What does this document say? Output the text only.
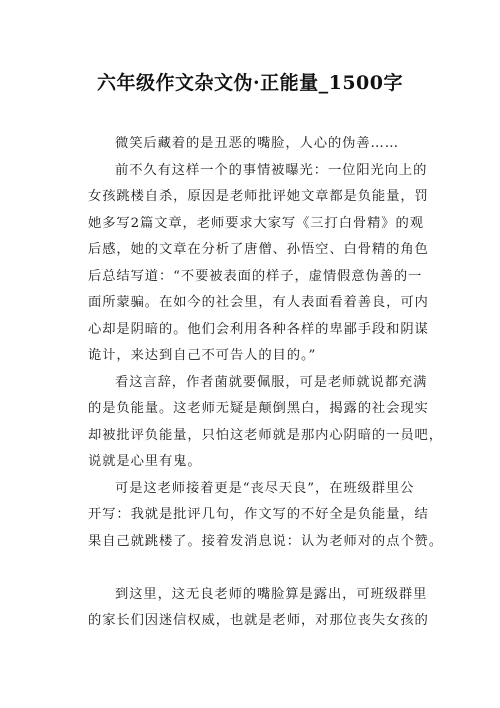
六年级作文杂文伪·正能量_1500字
微笑后藏着的是丑恶的嘴脸，人心的伪善……
前不久有这样一个的事情被曝光：一位阳光向上的
女孩跳楼自杀，原因是老师批评她文章都是负能量，罚
她多写2篇文章，老师要求大家写《三打白骨精》的观
后感，她的文章在分析了唐僧、孙悟空、白骨精的角色
后总结写道：“不要被表面的样子，虚情假意伪善的一
面所蒙骗。在如今的社会里，有人表面看着善良，可内
心却是阴暗的。他们会利用各种各样的卑鄙手段和阴谋
诡计，来达到自己不可告人的目的。”
看这言辞，作者菌就要佩服，可是老师就说都充满
的是负能量。这老师无疑是颠倒黑白，揭露的社会现实
却被批评负能量，只怕这老师就是那内心阴暗的一员吧，
说就是心里有鬼。
可是这老师接着更是“丧尽天良”，在班级群里公
开写：我就是批评几句，作文写的不好全是负能量，结
果自己就跳楼了。接着发消息说：认为老师对的点个赞。
到这里，这无良老师的嘴脸算是露出，可班级群里
的家长们因迷信权威，也就是老师，对那位丧失女孩的
